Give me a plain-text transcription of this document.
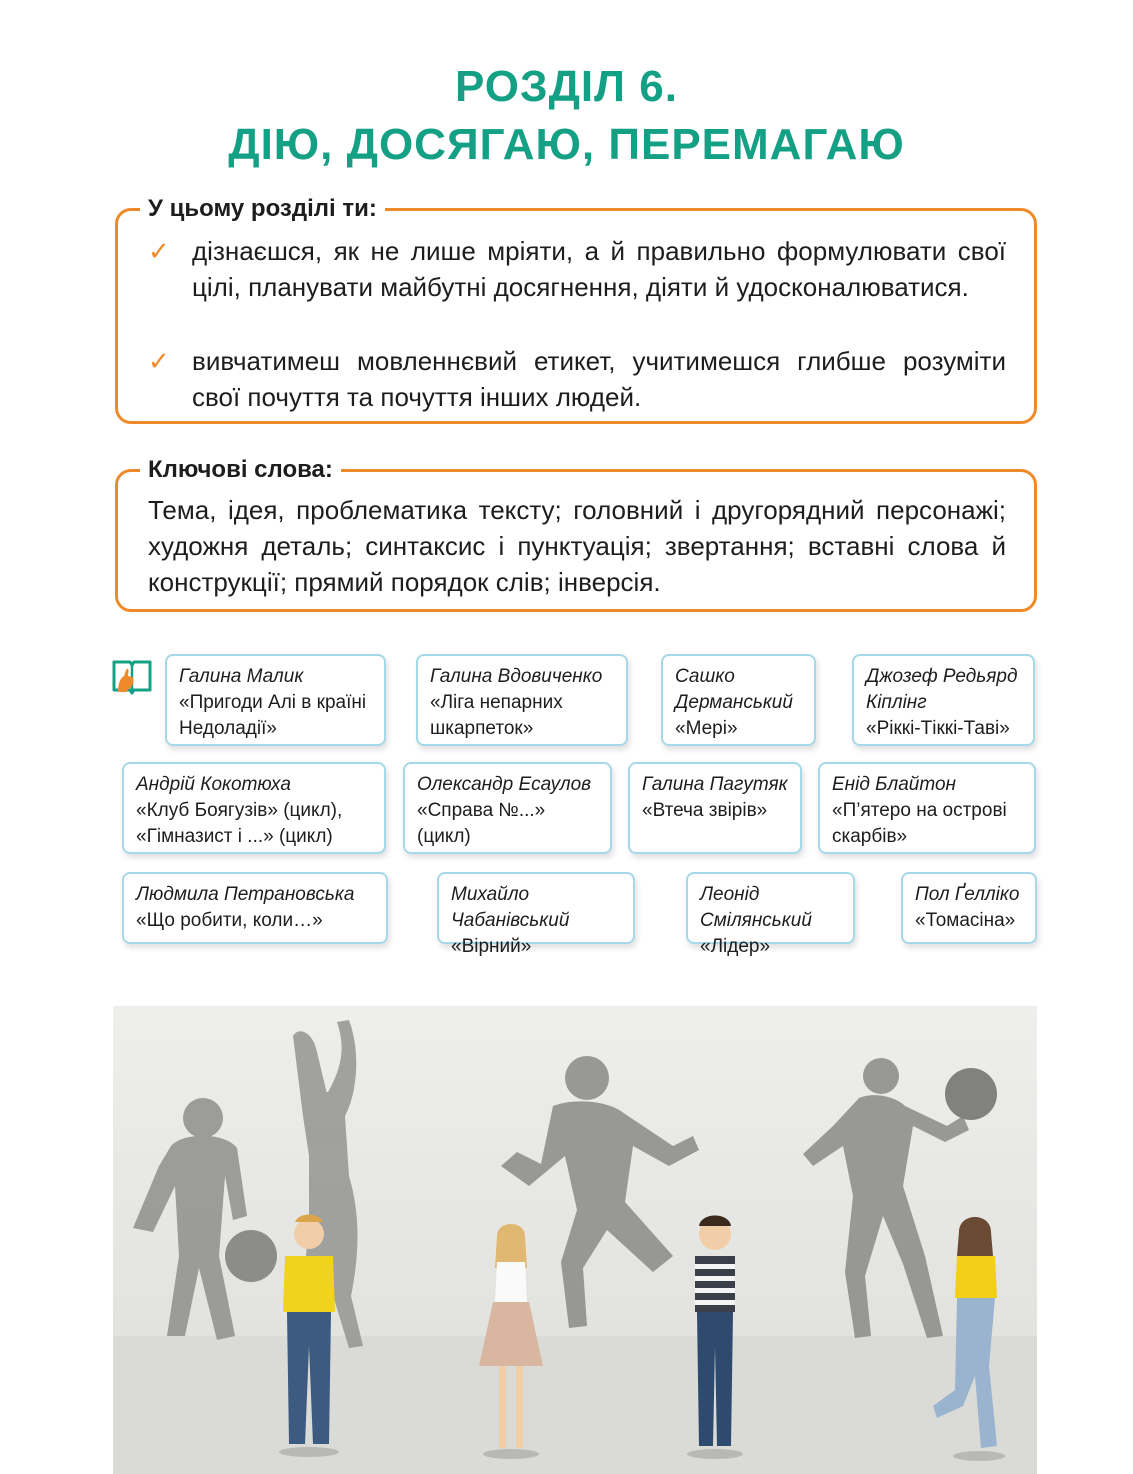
РОЗДІЛ 6.
ДІЮ, ДОСЯГАЮ, ПЕРЕМАГАЮ
У цьому розділі ти:
✓ дізнаєшся, як не лише мріяти, а й правильно формулювати свої цілі, планувати майбутні досягнення, діяти й удосконалюватися.
✓ вивчатимеш мовленнєвий етикет, учитимешся глибше розуміти свої почуття та почуття інших людей.
Ключові слова:
Тема, ідея, проблематика тексту; головний і другорядний персонажі; художня деталь; синтаксис і пунктуація; звертання; вставні слова й конструкції; прямий порядок слів; інверсія.
Галина Малик
«Пригоди Алі в країні Недоладії»
Галина Вдовиченко
«Ліга непарних шкарпеток»
Сашко Дерманський
«Мері»
Джозеф Редьярд Кіплінг
«Ріккі-Тіккі-Таві»
Андрій Кокотюха
«Клуб Боягузів» (цикл), «Гімназист і ...» (цикл)
Олександр Есаулов
«Справа №...» (цикл)
Галина Пагутяк
«Втеча звірів»
Енід Блайтон
«П’ятеро на острові скарбів»
Людмила Петрановська
«Що робити, коли…»
Михайло Чабанівський
«Вірний»
Леонід Смілянський
«Лідер»
Пол Ґелліко
«Томасіна»
